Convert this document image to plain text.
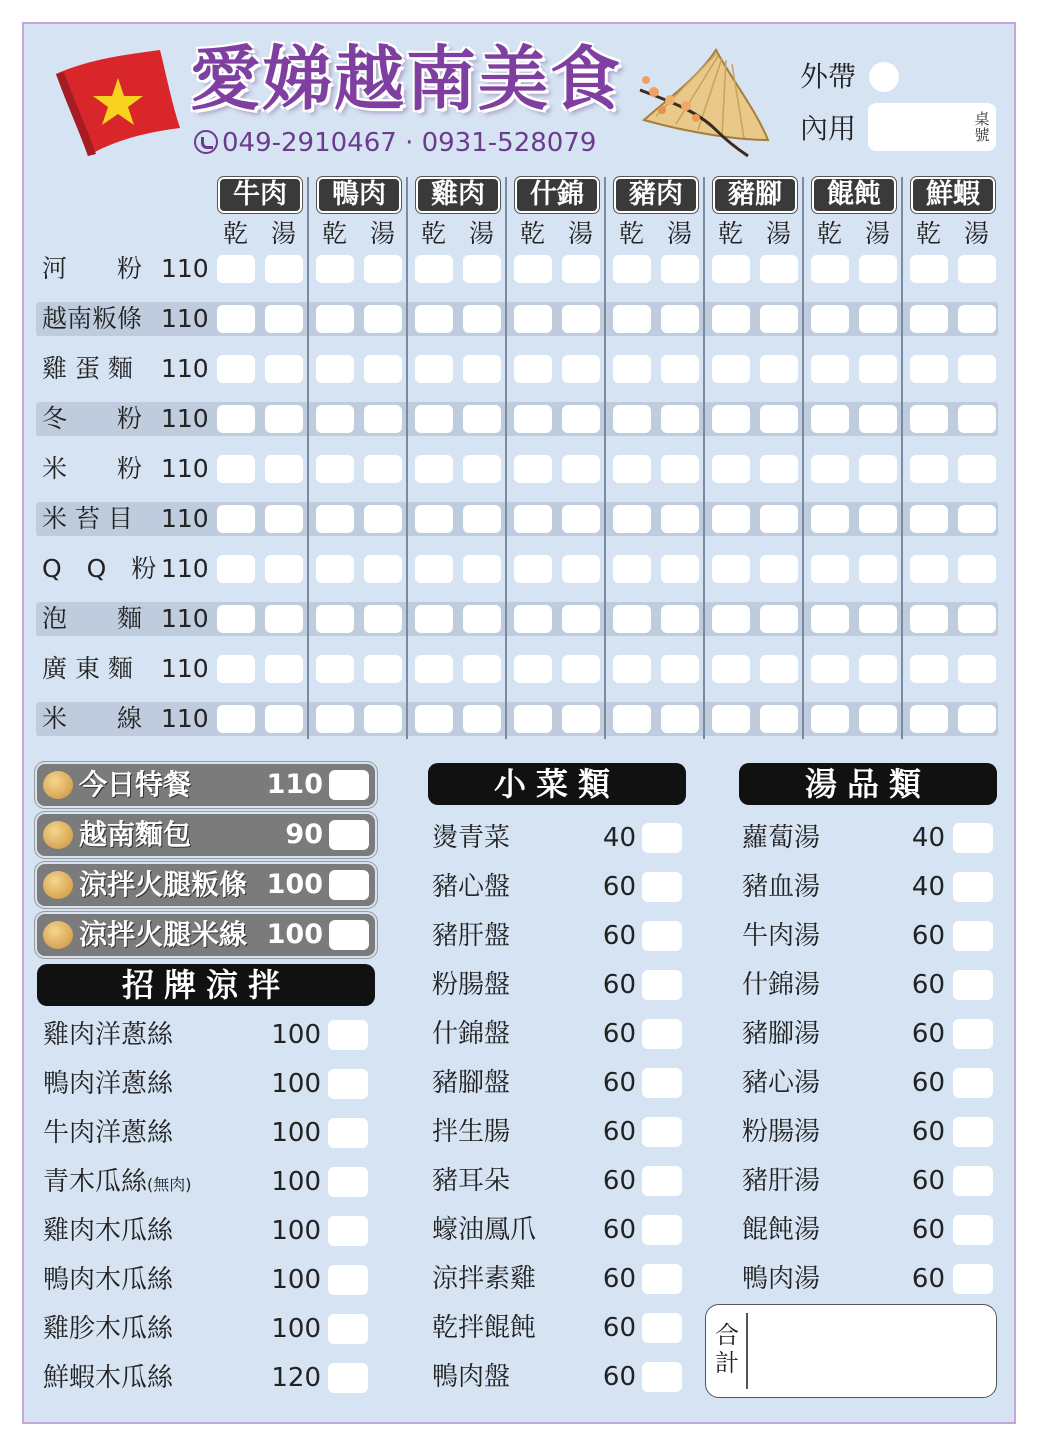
愛娣越南美食
049-2910467 · 0931-528079
外帶
內用	桌號
牛肉
乾 湯
鴨肉
乾 湯
雞肉
乾 湯
什錦
乾 湯
豬肉
乾 湯
豬腳
乾 湯
餛飩
乾 湯
鮮蝦
乾 湯
河　　粉 110
越南粄條 110
雞 蛋 麵 110
冬　　粉 110
米　　粉 110
米 苔 目 110
Q　Q　粉 110
泡　　麵 110
廣 東 麵 110
米　　線 110
今日特餐	110
越南麵包	90
涼拌火腿粄條 100
涼拌火腿米線 100
招牌涼拌
雞肉洋蔥絲	100
鴨肉洋蔥絲	100
牛肉洋蔥絲	100
青木瓜絲(無肉)	100
雞肉木瓜絲	100
鴨肉木瓜絲	100
雞胗木瓜絲	100
鮮蝦木瓜絲	120
小菜類
燙青菜	40
豬心盤	60
豬肝盤	60
粉腸盤	60
什錦盤	60
豬腳盤	60
拌生腸	60
豬耳朵	60
蠔油鳳爪	60
涼拌素雞	60
乾拌餛飩	60
鴨肉盤	60
湯品類
蘿蔔湯	40
豬血湯	40
牛肉湯	60
什錦湯	60
豬腳湯	60
豬心湯	60
粉腸湯	60
豬肝湯	60
餛飩湯	60
鴨肉湯	60
合計
